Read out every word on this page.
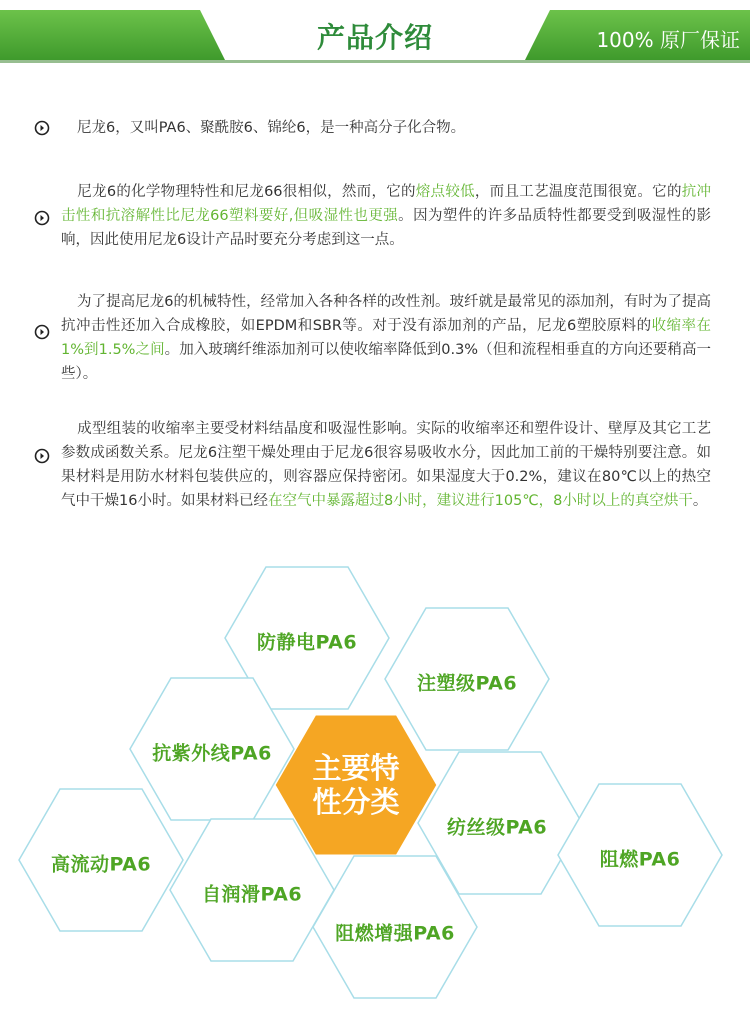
产品介绍	100% 原厂保证

尼龙6，又叫PA6、聚酰胺6、锦纶6，是一种高分子化合物。

尼龙6的化学物理特性和尼龙66很相似，然而，它的熔点较低，而且工艺温度范围很宽。它的抗冲击性和抗溶解性比尼龙66塑料要好,但吸湿性也更强。因为塑件的许多品质特性都要受到吸湿性的影响，因此使用尼龙6设计产品时要充分考虑到这一点。

为了提高尼龙6的机械特性，经常加入各种各样的改性剂。玻纤就是最常见的添加剂，有时为了提高抗冲击性还加入合成橡胶，如EPDM和SBR等。对于没有添加剂的产品，尼龙6塑胶原料的收缩率在1%到1.5%之间。加入玻璃纤维添加剂可以使收缩率降低到0.3%（但和流程相垂直的方向还要稍高一些）。

成型组装的收缩率主要受材料结晶度和吸湿性影响。实际的收缩率还和塑件设计、壁厚及其它工艺参数成函数关系。尼龙6注塑干燥处理由于尼龙6很容易吸收水分，因此加工前的干燥特别要注意。如果材料是用防水材料包装供应的，则容器应保持密闭。如果湿度大于0.2%，建议在80℃以上的热空气中干燥16小时。如果材料已经在空气中暴露超过8小时，建议进行105℃，8小时以上的真空烘干。

主要特性分类
防静电PA6
注塑级PA6
抗紫外线PA6
纺丝级PA6
高流动PA6	阻燃PA6
自润滑PA6
阻燃增强PA6
